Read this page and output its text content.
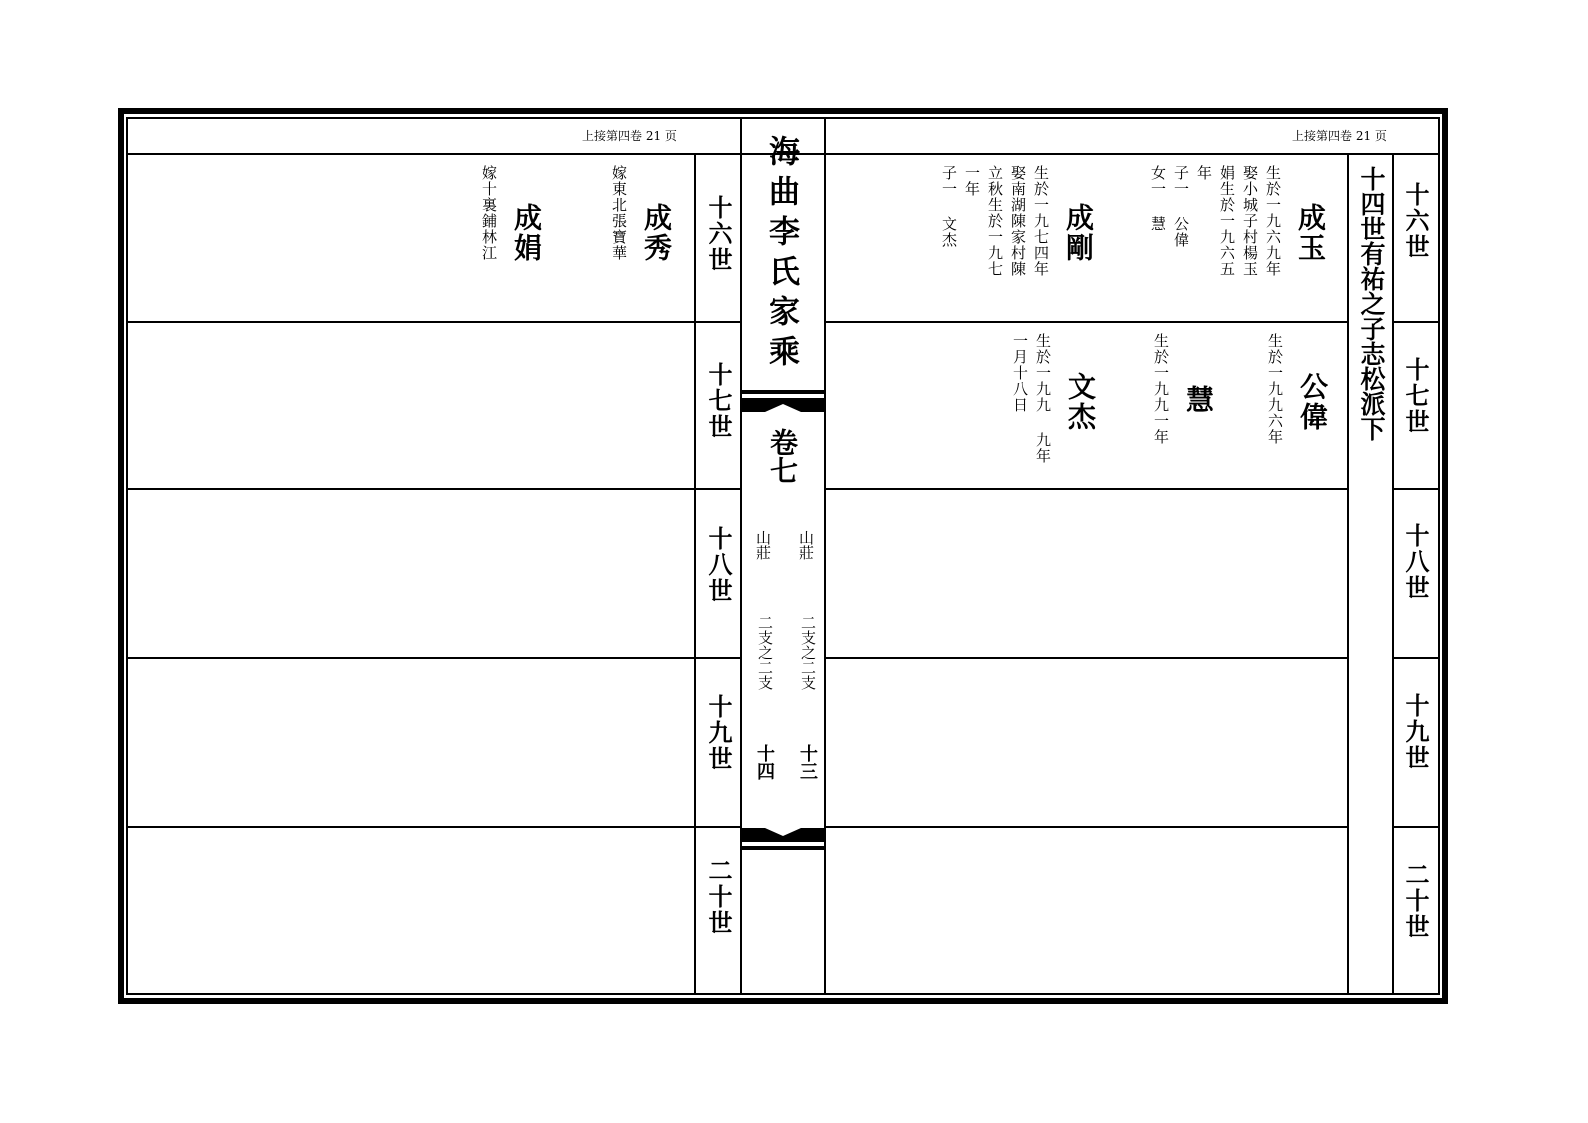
上接第四卷 21 页	上接第四卷 21 页
十六世
十七世
十八世
十九世
二十世
成秀
嫁東北張寶華
成娟
嫁十裏鋪林江	海曲李氏家乘
卷七
山莊
二支之二支
十三
山莊
二支之二支
十四
十六世
十七世
十八世
十九世
二十世
十四世有祐之子志松派下
成玉
生於一九六九年
娶小城子村楊玉
娟生於一九六五
年
子一 公偉
女一 慧
成剛
生於一九七四年
娶南湖陳家村陳
立秋生於一九七
一年
子一 文杰
公偉
生於一九九六年
慧
生於一九九一年
文杰
生於一九九 九年
一月十八日
